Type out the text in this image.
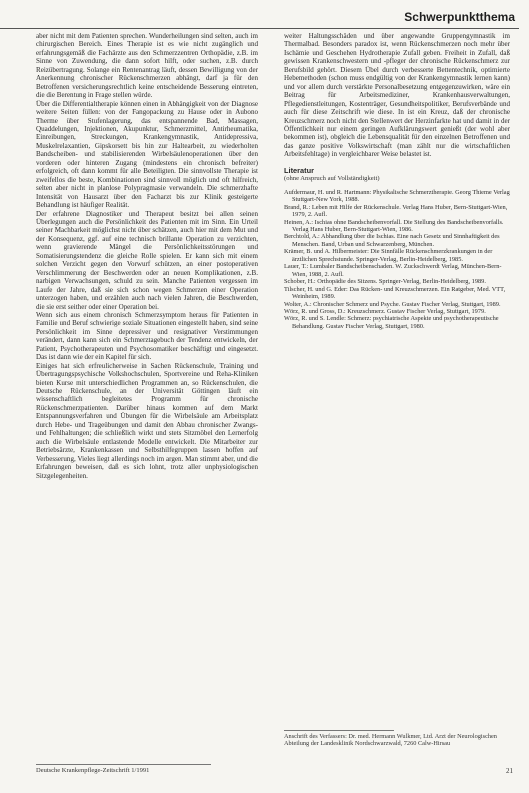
Schwerpunktthema

aber nicht mit dem Patienten sprechen. Wunderheilungen sind selten, auch im chirurgischen Bereich. Eines Therapie ist es wie nicht zugänglich und erfahrungsgemäß die Fachärzte aus den Schmerzzentren Orthopädie, z.B. im Sinne von Zuwendung, die dann sofort hilft, oder suchen, z.B. durch Reizübertragung. Solange ein Rentenantrag läuft, dessen Bewilligung von der Anerkennung chronischer Rückenschmerzen abhängt, darf ja für den Betroffenen versicherungsrechtlich keine entscheidende Besserung eintreten, die die Berentung in Frage stellen würde.

Über die Differentialtherapie können einen in Abhängigkeit von der Diagnose weitere Seiten füllen: von der Fangopackung zu Hause oder in Aubono Therme über Stufenlagerung, das entspannende Bad, Massagen, Quaddelungen, Injektionen, Akupunktur, Schmerzmittel, Antirheumatika, Einreibungen, Streckungen, Krankengymnastik, Antidepressiva, Muskelrelaxantien, Gipskorsett bis hin zur Haltearbeit, zu wiederholten Bandscheiben- und stabilisierenden Wirbelsäulenoperationen über den vorderen oder hinteren Zugang (mindestens ein chronisch befreiter) erfolgreich, oft dann kommt für alle Beteiligten. Die sinnvollste Therapie ist zweifellos die beste, Kombinationen sind sinnvoll möglich und oft hilfreich, selten aber nicht in planlose Polypragmasie verwandeln. Die schmerzhafte Intensität von Hausarzt über den Facharzt bis zur Klinik gesteigerte Behandlung ist häufiger Realität.

Der erfahrene Diagnostiker und Therapeut besitzt bei allen seinen Überlegungen auch die Persönlichkeit des Patienten mit im Sinn. Ein Urteil seiner Machbarkeit möglichst nicht über schätzen, auch hier mit dem Mut und der Konsequenz, ggf. auf eine technisch brillante Operation zu verzichten, wenn gravierende Mängel die Persönlichkeitsstörungen und Somatisierungstendenz die gleiche Rolle spielen. Er kann sich mit einem solchen Verzicht gegen den Vorwurf schützen, an einer postoperativen Verschlimmerung der Beschwerden oder an neuen Komplikationen, z.B. narbigen Verwachsungen, schuld zu sein. Manche Patienten vergessen im Laufe der Jahre, daß sie sich schon wegen Schmerzen einer Operation unterzogen haben, und erzählen auch nach vielen Jahren, die Beschwerden, die sie erst seither oder einer Operation bei.

Wenn sich aus einem chronisch Schmerzsymptom heraus für Patienten in Familie und Beruf schwierige soziale Situationen eingestellt haben, sind seine Persönlichkeit im Sinne depressiver und resignativer Verstimmungen verändert, dann kann sich ein Schmerztagebuch der Tendenz entwickeln, der Patient, Psychotherapeuten und Psychosomatiker beschäftigt und eingesetzt. Das ist dann wie der ein Kapitel für sich.

Einiges hat sich erfreulicherweise in Sachen Rückenschule, Training und Übertragungspsychische Volkshochschulen, Sportvereine und Reha-Kliniken bieten Kurse mit unterschiedlichen Programmen an, so Rückenschulen, die Deutsche Rückenschule, an der Universität Göttingen läuft ein wissenschaftlich begleitetes Programm für chronische Rückenschmerzpatienten. Darüber hinaus kommen auf dem Markt Entspannungsverfahren und Übungen für die Wirbelsäule am Arbeitsplatz durch Hebe- und Trageübungen und damit den Abbau chronischer Zwangs- und Fehlhaltungen; die schließlich wirkt und stets Sitzmöbel den Lernerfolg auch die Wirbelsäule entlastende Modelle entwickelt. Die Mitarbeiter zur Betriebsärzte, Krankenkassen und Selbsthilfegruppen lassen hoffen auf Verbesserung, Vieles liegt allerdings noch im argen. Man stimmt aber, und die Erfahrungen beweisen, daß es sich lohnt, trotz aller unphysiologischen Sitzgelegenheiten.

weiter Haltungsschäden und über angewandte Gruppengymnastik im Thermalbad. Besonders paradox ist, wenn Rückenschmerzen noch mehr über Ischämie und Geschehen Hydrotherapie Zufall geben. Freiheit in Zufall, daß gewissen Krankenschwestern und -pfleger der chronische Rückenschmerz zur Berufsbild gehört. Diesem Übel durch verbesserte Bettentechnik, optimierte Hebemethoden (schon muss endgültig von der Krankengymnastik lernen kann) und vor allem durch verstärkte Personalbesetzung entgegenzuwirken, wäre ein Beitrag für Arbeitsmediziner, Krankenhausverwaltungen, Pflegedienstleitungen, Kostenträger, Gesundheitspolitiker, Berufsverbände und auch für diese Zeitschrift wie diese. In ist ein Kreuz, daß der chronische Kreuzschmerz noch nicht den Stellenwert der Herzinfarkte hat und damit in der Öffentlichkeit nur einem geringen Aufklärungswert genießt (der wohl aber bekommen ist), obgleich die Lebensqualität für den einzelnen Betroffenen und das ganze positive Volkswirtschaft (man zählt nur die wirtschaftlichen Arbeitsfehltage) in vergleichbarer Weise belastet ist.

Literatur
(ohne Anspruch auf Vollständigkeit)
Aufdermaur, H. und R. Hartmann: Physikalische Schmerztherapie. Georg Thieme Verlag Stuttgart-New York, 1988.
Brand, R.: Leben mit Hilfe der Rückenschule. Verlag Hans Huber, Bern-Stuttgart-Wien, 1979, 2. Aufl.
Heinen, A.: Ischias ohne Bandscheibenvorfall. Die Stellung des Bandscheibenvorfalls. Verlag Hans Huber, Bern-Stuttgart-Wien, 1986.
Berchtold, A.: Abhandlung über die Ischias. Eine nach Gesetz und Sinnhaftigkeit des Menschen. Band, Urban und Schwarzenberg, München.
Krämer, B. und A. Hilbermeister: Die Sinnfälle Rückenschmerzkrankungen in der ärztlichen Sprechstunde. Springer-Verlag, Berlin-Heidelberg, 1985.
Lauer, T.: Lumbaler Bandscheibenschaden. W. Zuckschwerdt Verlag, München-Bern-Wien, 1988, 2. Aufl.
Schober, H.: Orthopädie des Sitzens. Springer-Verlag, Berlin-Heidelberg, 1989.
Tilscher, H. und G. Eder: Das Rücken- und Kreuzschmerzen. Ein Ratgeber, Med. VTT, Weinheim, 1989.
Wolter, A.: Chronischer Schmerz und Psyche. Gustav Fischer Verlag, Stuttgart, 1989.
Wörz, R. und Gross, D.: Kreuzschmerz. Gustav Fischer Verlag, Stuttgart, 1979.
Wörz, R. und S. Lendle: Schmerz: psychiatrische Aspekte und psychotherapeutische Behandlung. Gustav Fischer Verlag, Stuttgart, 1980.
Anschrift des Verfassers: Dr. med. Hermann Wulkmer, Ltd. Arzt der Neurologischen Abteilung der Landesklinik Nordschwarzwald, 7260 Calw-Hirsau
Deutsche Krankenpflege-Zeitschrift 1/1991	21
